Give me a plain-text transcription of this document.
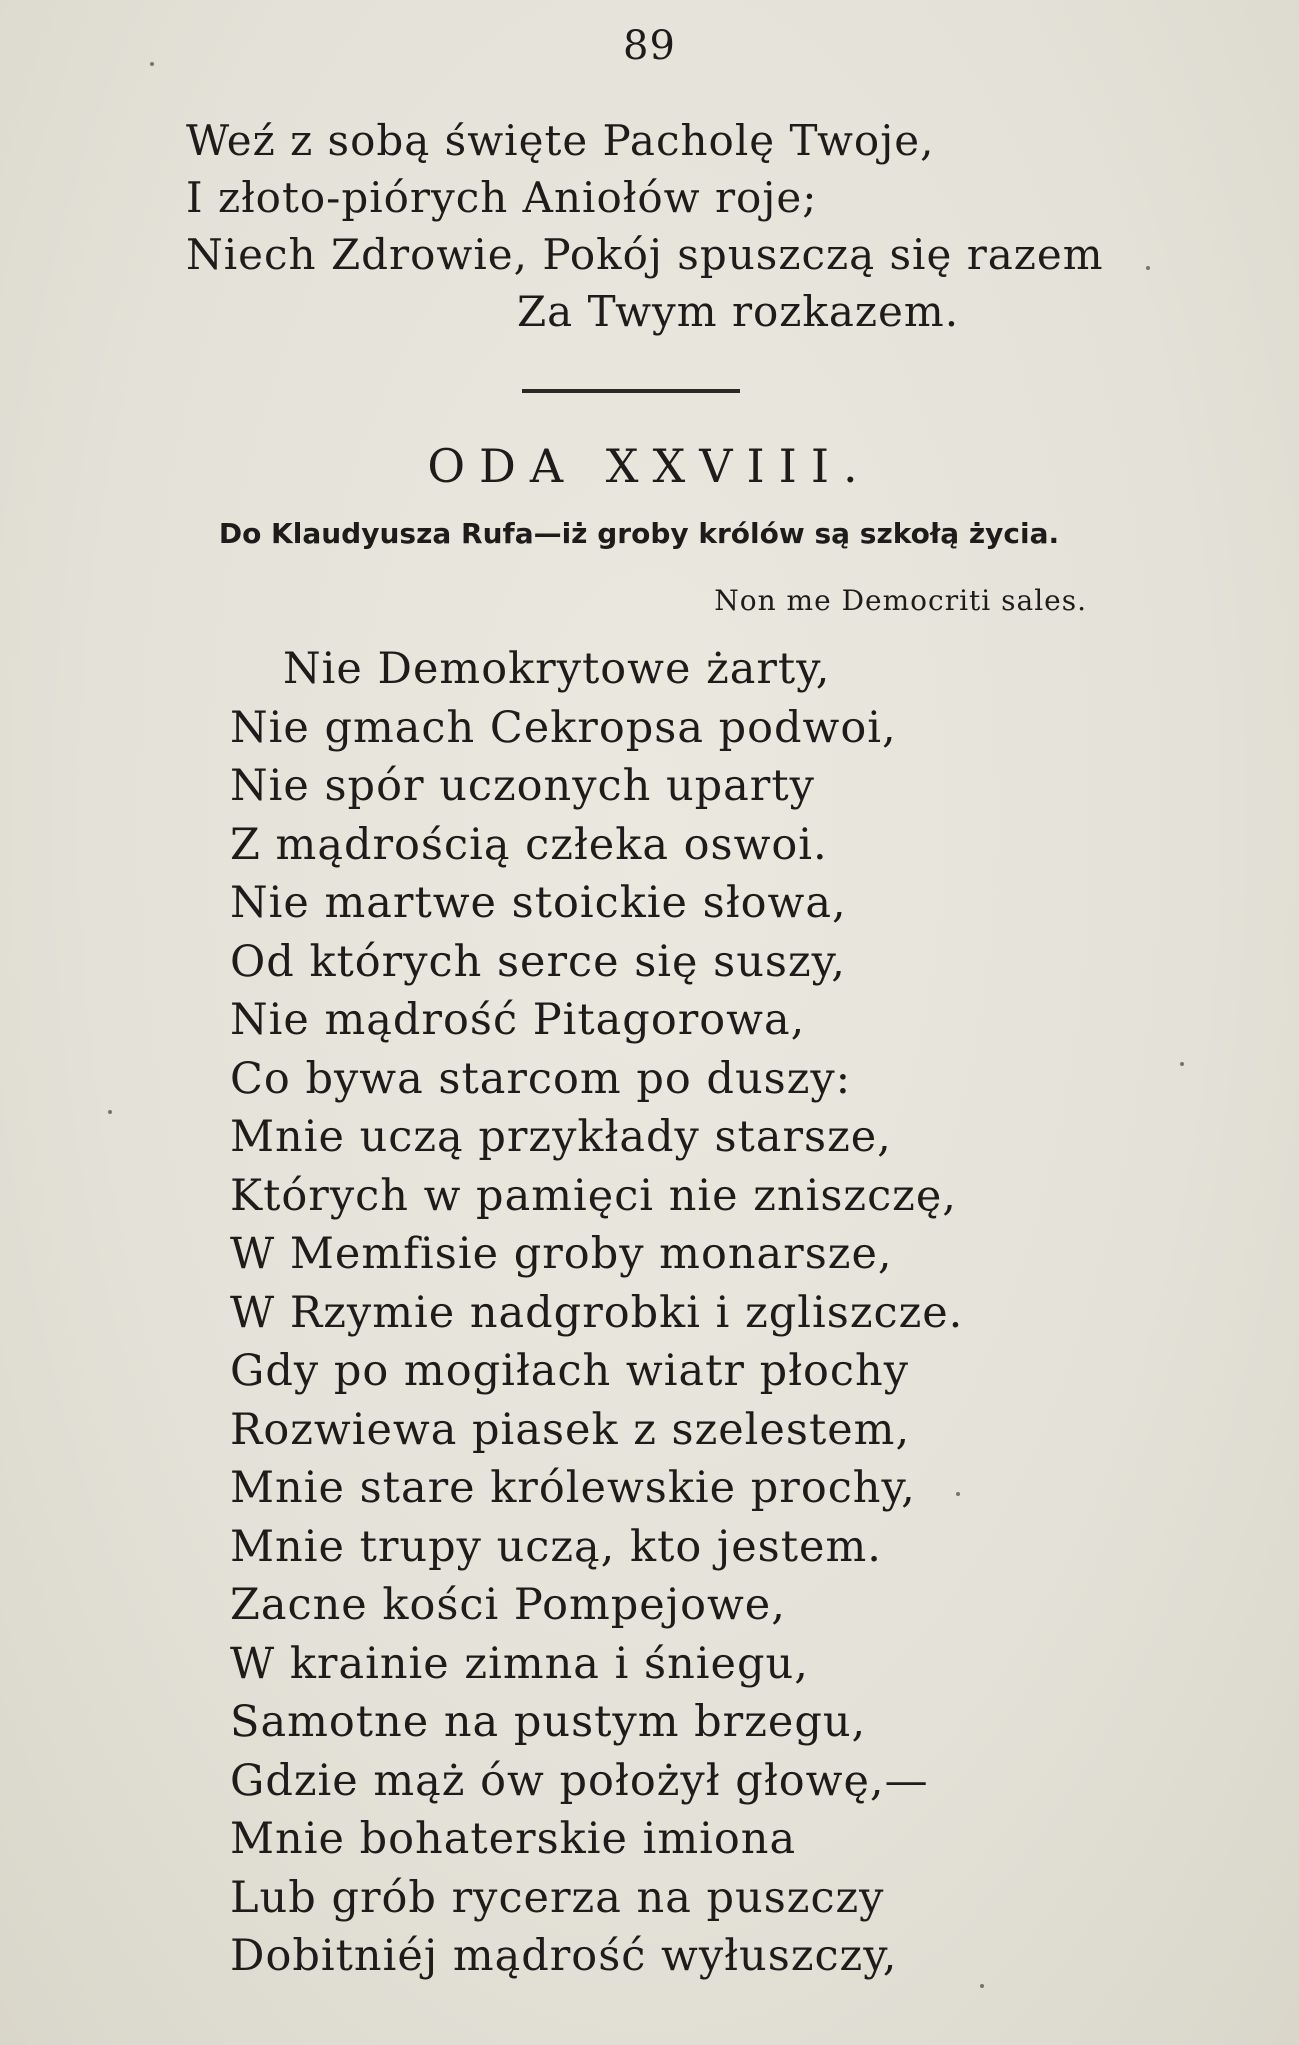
89
Weź z sobą święte Pacholę Twoje,
I złoto-piórych Aniołów roje;
Niech Zdrowie, Pokój spuszczą się razem
Za Twym rozkazem.
ODA XXVIII.
Do Klaudyusza Rufa—iż groby królów są szkołą życia.
Non me Democriti sales.
Nie Demokrytowe żarty,
Nie gmach Cekropsa podwoi,
Nie spór uczonych uparty
Z mądrością człeka oswoi.
Nie martwe stoickie słowa,
Od których serce się suszy,
Nie mądrość Pitagorowa,
Co bywa starcom po duszy:
Mnie uczą przykłady starsze,
Których w pamięci nie zniszczę,
W Memfisie groby monarsze,
W Rzymie nadgrobki i zgliszcze.
Gdy po mogiłach wiatr płochy
Rozwiewa piasek z szelestem,
Mnie stare królewskie prochy,
Mnie trupy uczą, kto jestem.
Zacne kości Pompejowe,
W krainie zimna i śniegu,
Samotne na pustym brzegu,
Gdzie mąż ów położył głowę,—
Mnie bohaterskie imiona
Lub grób rycerza na puszczy
Dobitniéj mądrość wyłuszczy,
